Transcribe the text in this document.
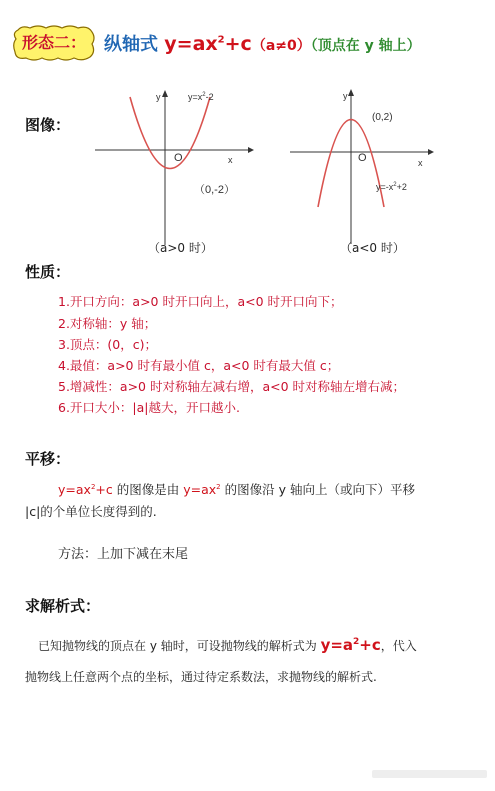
形态二：	纵轴式 $y=ax^2+c(a\ne 0)$（顶点在 y 轴上）
图像：
y
x
O
$y=x^2-2$
（0,-2）
（a>0 时）
y
x
O
(0,2)
$y=-x^2+2$
（a<0 时）
性质：
1.开口方向：a>0 时开口向上，a<0 时开口向下；
2.对称轴：y 轴；
3.顶点：(0，c)；
4.最值：a>0 时有最小值 c，a<0 时有最大值 c；
5.增减性：a>0 时对称轴左减右增，a<0 时对称轴左增右减；
6.开口大小：|a|越大，开口越小.
平移：
$y=ax^2+c$ 的图像是由 $y=ax^2$ 的图像沿 y 轴向上（或向下）平移
|c|的个单位长度得到的.
方法：上加下减在末尾
求解析式：
已知抛物线的顶点在 y 轴时，可设抛物线的解析式为 $y=a^2+c$，代入
抛物线上任意两个点的坐标，通过待定系数法，求抛物线的解析式.
